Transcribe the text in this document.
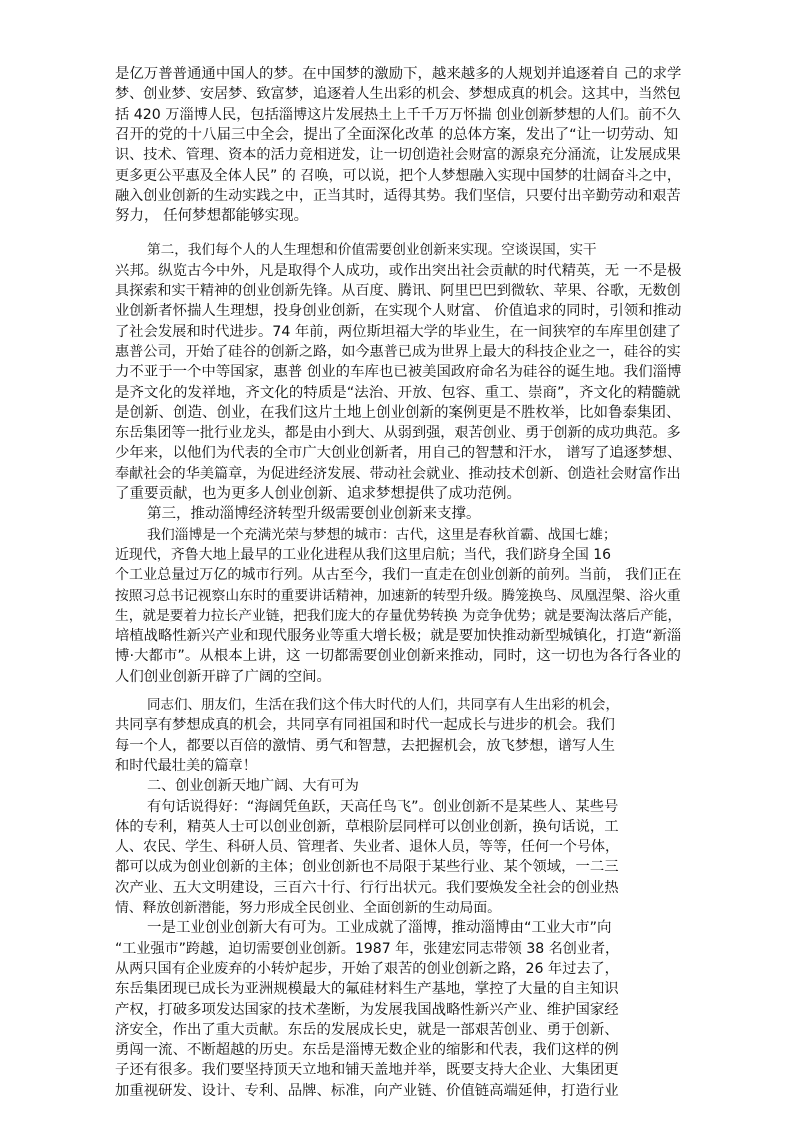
是亿万普普通通中国人的梦。在中国梦的激励下，越来越多的人规划并追逐着自 己的求学
梦、创业梦、安居梦、致富梦，追逐着人生出彩的机会、梦想成真的机会。这其中，当然包
括 420 万淄博人民，包括淄博这片发展热土上千千万万怀揣 创业创新梦想的人们。前不久
召开的党的十八届三中全会，提出了全面深化改革 的总体方案，发出了“让一切劳动、知
识、技术、管理、资本的活力竞相迸发，让一切创造社会财富的源泉充分涌流，让发展成果
更多更公平惠及全体人民” 的 召唤，可以说，把个人梦想融入实现中国梦的壮阔奋斗之中，
融入创业创新的生动实践之中，正当其时，适得其势。我们坚信，只要付出辛勤劳动和艰苦
努力， 任何梦想都能够实现。
第二，我们每个人的人生理想和价值需要创业创新来实现。空谈误国，实干
兴邦。纵览古今中外，凡是取得个人成功，或作出突出社会贡献的时代精英，无 一不是极
具探索和实干精神的创业创新先锋。从百度、腾讯、阿里巴巴到微软、苹果、谷歌，无数创
业创新者怀揣人生理想，投身创业创新，在实现个人财富、 价值追求的同时，引领和推动
了社会发展和时代进步。74 年前，两位斯坦福大学的毕业生，在一间狭窄的车库里创建了
惠普公司，开始了硅谷的创新之路，如今惠普已成为世界上最大的科技企业之一，硅谷的实
力不亚于一个中等国家，惠普 创业的车库也已被美国政府命名为硅谷的诞生地。我们淄博
是齐文化的发祥地，齐文化的特质是“法治、开放、包容、重工、崇商”，齐文化的精髓就
是创新、创造、创业，在我们这片土地上创业创新的案例更是不胜枚举，比如鲁泰集团、
东岳集团等一批行业龙头，都是由小到大、从弱到强，艰苦创业、勇于创新的成功典范。多
少年来，以他们为代表的全市广大创业创新者，用自己的智慧和汗水， 谱写了追逐梦想、
奉献社会的华美篇章，为促进经济发展、带动社会就业、推动技术创新、创造社会财富作出
了重要贡献，也为更多人创业创新、追求梦想提供了成功范例。
第三，推动淄博经济转型升级需要创业创新来支撑。
我们淄博是一个充满光荣与梦想的城市：古代，这里是春秋首霸、战国七雄；
近现代，齐鲁大地上最早的工业化进程从我们这里启航；当代，我们跻身全国 16
个工业总量过万亿的城市行列。从古至今，我们一直走在创业创新的前列。当前， 我们正在
按照习总书记视察山东时的重要讲话精神，加速新的转型升级。腾笼换鸟、凤凰涅槃、浴火重
生，就是要着力拉长产业链，把我们庞大的存量优势转换 为竞争优势；就是要淘汰落后产能，
培植战略性新兴产业和现代服务业等重大增长极；就是要加快推动新型城镇化，打造“新淄
博·大都市”。从根本上讲，这 一切都需要创业创新来推动，同时，这一切也为各行各业的
人们创业创新开辟了广阔的空间。
同志们、朋友们，生活在我们这个伟大时代的人们，共同享有人生出彩的机会，
共同享有梦想成真的机会，共同享有同祖国和时代一起成长与进步的机会。我们
每一个人，都要以百倍的激情、勇气和智慧，去把握机会，放飞梦想，谱写人生
和时代最壮美的篇章！
二、创业创新天地广阔、大有可为
有句话说得好：“海阔凭鱼跃，天高任鸟飞”。创业创新不是某些人、某些号
体的专利，精英人士可以创业创新，草根阶层同样可以创业创新，换句话说，工
人、农民、学生、科研人员、管理者、失业者、退休人员，等等，任何一个号体，
都可以成为创业创新的主体；创业创新也不局限于某些行业、某个领域，一二三
次产业、五大文明建设，三百六十行、行行出状元。我们要焕发全社会的创业热
情、释放创新潜能，努力形成全民创业、全面创新的生动局面。
一是工业创业创新大有可为。工业成就了淄博，推动淄博由“工业大市”向
“工业强市”跨越，迫切需要创业创新。1987 年，张建宏同志带领 38 名创业者，
从两只国有企业废弃的小转炉起步，开始了艰苦的创业创新之路，26 年过去了，
东岳集团现已成长为亚洲规模最大的氟硅材料生产基地，掌控了大量的自主知识
产权，打破多项发达国家的技术垄断，为发展我国战略性新兴产业、维护国家经
济安全，作出了重大贡献。东岳的发展成长史，就是一部艰苦创业、勇于创新、
勇闯一流、不断超越的历史。东岳是淄博无数企业的缩影和代表，我们这样的例
子还有很多。我们要坚持顶天立地和铺天盖地并举，既要支持大企业、大集团更
加重视研发、设计、专利、品牌、标准，向产业链、价值链高端延伸，打造行业
